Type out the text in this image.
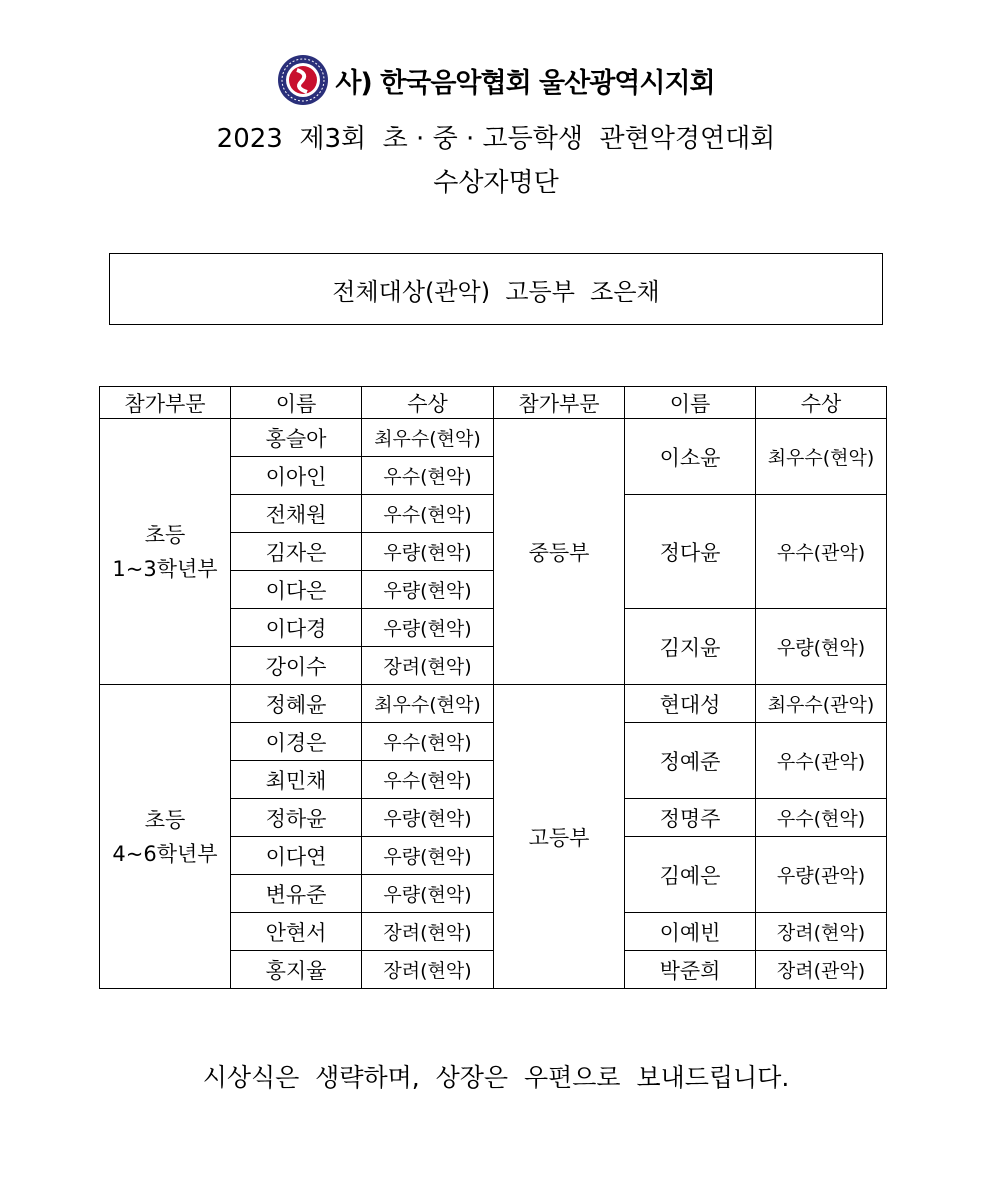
사) 한국음악협회 울산광역시지회
2023  제3회  초 · 중 · 고등학생  관현악경연대회
수상자명단
전체대상(관악)  고등부  조은채
참가부문	이름	수상	참가부문	이름	수상
초등
1~3학년부	홍슬아	최우수(현악)	중등부	이소윤	최우수(현악)
	이아인	우수(현악)			
	전채원	우수(현악)		정다윤	우수(관악)
	김자은	우량(현악)			
	이다은	우량(현악)			
	이다경	우량(현악)		김지윤	우량(현악)
	강이수	장려(현악)			
초등
4~6학년부	정혜윤	최우수(현악)	고등부	현대성	최우수(관악)
	이경은	우수(현악)		정예준	우수(관악)
	최민채	우수(현악)			
	정하윤	우량(현악)		정명주	우수(현악)
	이다연	우량(현악)		김예은	우량(관악)
	변유준	우량(현악)			
	안현서	장려(현악)		이예빈	장려(현악)
	홍지율	장려(현악)		박준희	장려(관악)
시상식은  생략하며,  상장은  우편으로  보내드립니다.
